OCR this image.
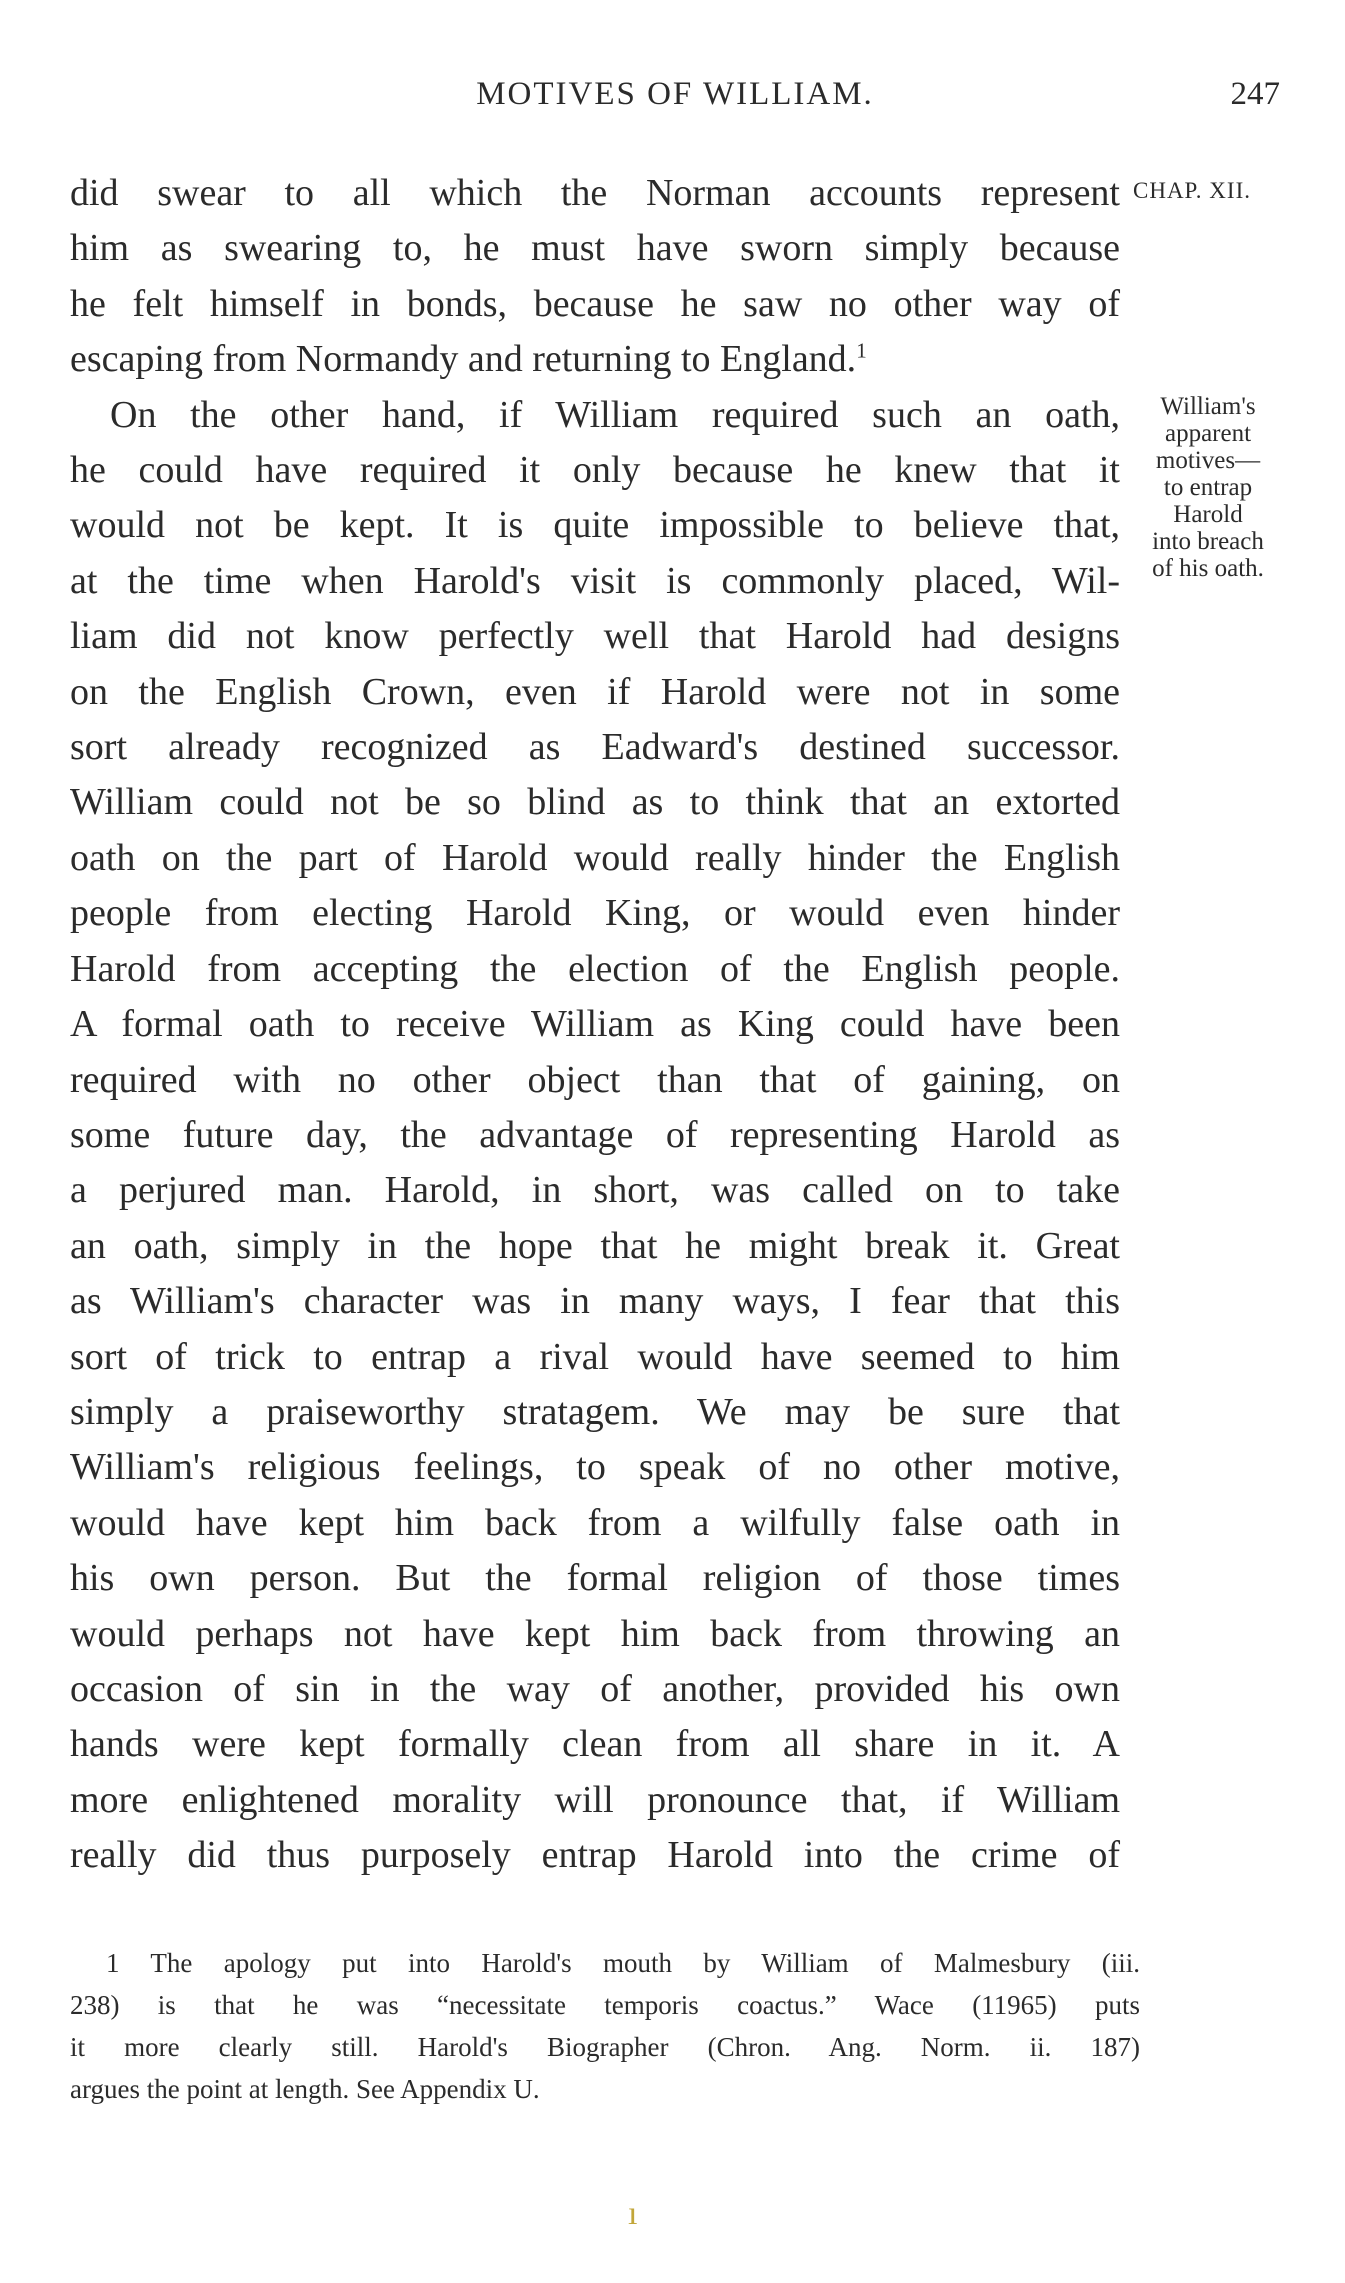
MOTIVES OF WILLIAM.	247
CHAP. XII.
William's
apparent
motives—
to entrap
Harold
into breach
of his oath.
did swear to all which the Norman accounts represent
him as swearing to, he must have sworn simply because
he felt himself in bonds, because he saw no other way of
escaping from Normandy and returning to England.$^1$
On the other hand, if William required such an oath,
he could have required it only because he knew that it
would not be kept. It is quite impossible to believe that,
at the time when Harold's visit is commonly placed, Wil-
liam did not know perfectly well that Harold had designs
on the English Crown, even if Harold were not in some
sort already recognized as Eadward's destined successor.
William could not be so blind as to think that an extorted
oath on the part of Harold would really hinder the English
people from electing Harold King, or would even hinder
Harold from accepting the election of the English people.
A formal oath to receive William as King could have been
required with no other object than that of gaining, on
some future day, the advantage of representing Harold as
a perjured man. Harold, in short, was called on to take
an oath, simply in the hope that he might break it. Great
as William's character was in many ways, I fear that this
sort of trick to entrap a rival would have seemed to him
simply a praiseworthy stratagem. We may be sure that
William's religious feelings, to speak of no other motive,
would have kept him back from a wilfully false oath in
his own person. But the formal religion of those times
would perhaps not have kept him back from throwing an
occasion of sin in the way of another, provided his own
hands were kept formally clean from all share in it. A
more enlightened morality will pronounce that, if William
really did thus purposely entrap Harold into the crime of
1 The apology put into Harold's mouth by William of Malmesbury (iii.
238) is that he was “necessitate temporis coactus.” Wace (11965) puts
it more clearly still. Harold's Biographer (Chron. Ang. Norm. ii. 187)
argues the point at length. See Appendix U.
ı
